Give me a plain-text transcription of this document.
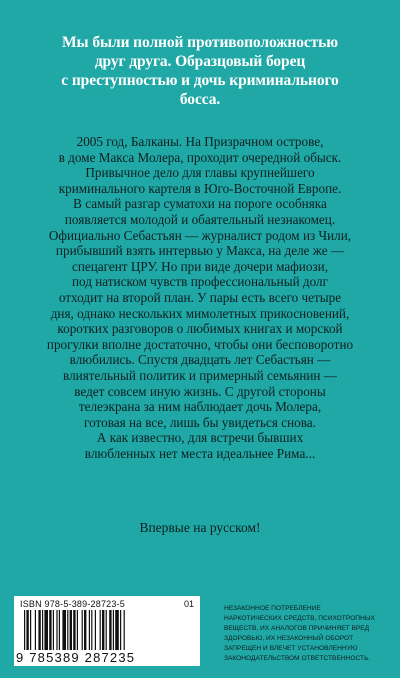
Мы были полной противоположностью
друг друга. Образцовый борец
с преступностью и дочь криминального
босса.
2005 год, Балканы. На Призрачном острове,
в доме Макса Молера, проходит очередной обыск.
Привычное дело для главы крупнейшего
криминального картеля в Юго-Восточной Европе.
В самый разгар суматохи на пороге особняка
появляется молодой и обаятельный незнакомец.
Официально Себастьян — журналист родом из Чили,
прибывший взять интервью у Макса, на деле же —
спецагент ЦРУ. Но при виде дочери мафиози,
под натиском чувств профессиональный долг
отходит на второй план. У пары есть всего четыре
дня, однако нескольких мимолетных прикосновений,
коротких разговоров о любимых книгах и морской
прогулки вполне достаточно, чтобы они бесповоротно
влюбились. Спустя двадцать лет Себастьян —
влиятельный политик и примерный семьянин —
ведет совсем иную жизнь. С другой стороны
телеэкрана за ним наблюдает дочь Молера,
готовая на все, лишь бы увидеться снова.
А как известно, для встречи бывших
влюбленных нет места идеальнее Рима...
Впервые на русском!
ISBN 978-5-389-28723-5	01
9 785389 287235
НЕЗАКОННОЕ ПОТРЕБЛЕНИЕ
НАРКОТИЧЕСКИХ СРЕДСТВ, ПСИХОТРОПНЫХ
ВЕЩЕСТВ, ИХ АНАЛОГОВ ПРИЧИНЯЕТ ВРЕД
ЗДОРОВЬЮ, ИХ НЕЗАКОННЫЙ ОБОРОТ
ЗАПРЕЩЕН И ВЛЕЧЕТ УСТАНОВЛЕННУЮ
ЗАКОНОДАТЕЛЬСТВОМ ОТВЕТСТВЕННОСТЬ.
